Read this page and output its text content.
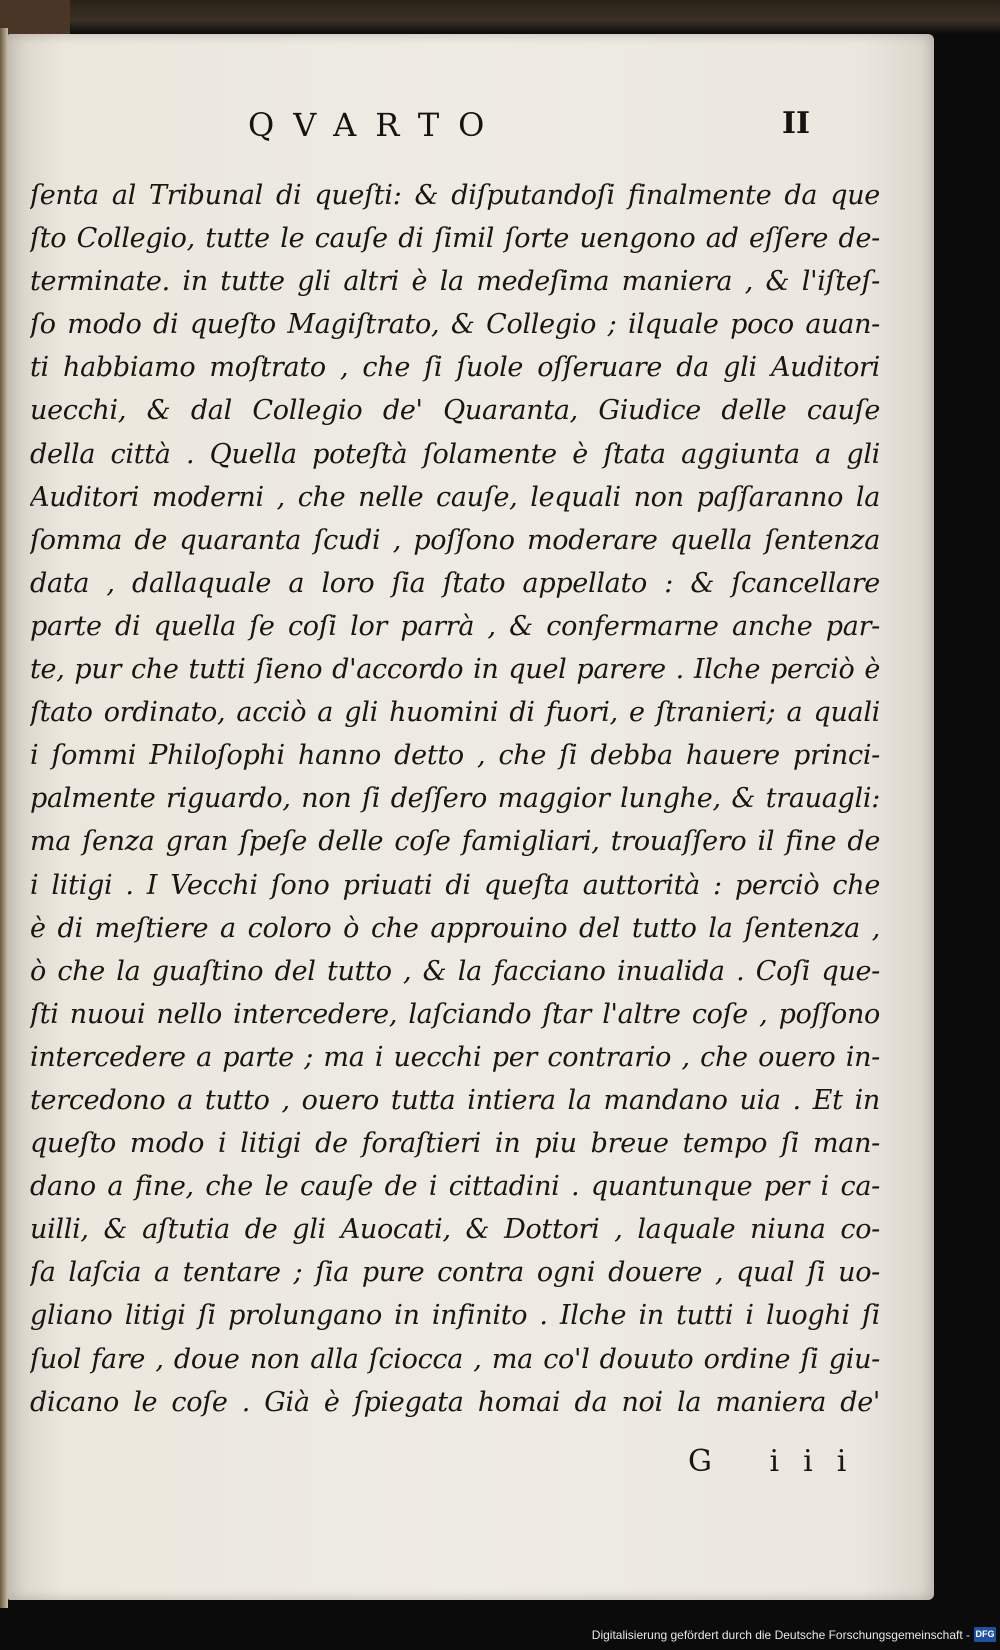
QVARTO	II
ſenta al Tribunal di queſti: & diſputandoſi finalmente da que
ſto Collegio, tutte le cauſe di ſimil ſorte uengono ad eſſere de-
terminate. in tutte gli altri è la medeſima maniera , & l'iſteſ-
ſo modo di queſto Magiſtrato, & Collegio ; ilquale poco auan-
ti habbiamo moſtrato , che ſi ſuole oſſeruare da gli Auditori
uecchi, & dal Collegio de' Quaranta, Giudice delle cauſe
della città . Quella poteſtà ſolamente è ſtata aggiunta a gli
Auditori moderni , che nelle cauſe, lequali non paſſaranno la
ſomma de quaranta ſcudi , poſſono moderare quella ſentenza
data , dallaquale a loro ſia ſtato appellato : & ſcancellare
parte di quella ſe coſi lor parrà , & confermarne anche par-
te, pur che tutti ſieno d'accordo in quel parere . Ilche perciò è
ſtato ordinato, acciò a gli huomini di fuori, e ſtranieri; a quali
i ſommi Philoſophi hanno detto , che ſi debba hauere princi-
palmente riguardo, non ſi deſſero maggior lunghe, & trauagli:
ma ſenza gran ſpeſe delle coſe famigliari, trouaſſero il fine de
i litigi . I Vecchi ſono priuati di queſta auttorità : perciò che
è di meſtiere a coloro ò che approuino del tutto la ſentenza ,
ò che la guaſtino del tutto , & la facciano inualida . Coſi que-
ſti nuoui nello intercedere, laſciando ſtar l'altre coſe , poſſono
intercedere a parte ; ma i uecchi per contrario , che ouero in-
tercedono a tutto , ouero tutta intiera la mandano uia . Et in
queſto modo i litigi de foraſtieri in piu breue tempo ſi man-
dano a fine, che le cauſe de i cittadini . quantunque per i ca-
uilli, & aſtutia de gli Auocati, & Dottori , laquale niuna co-
ſa laſcia a tentare ; ſia pure contra ogni douere , qual ſi uo-
gliano litigi ſi prolungano in infinito . Ilche in tutti i luoghi ſi
ſuol fare , doue non alla ſciocca , ma co'l douuto ordine ſi giu-
dicano le coſe . Già è ſpiegata homai da noi la maniera de'
G iii
Digitalisierung gefördert durch die Deutsche Forschungsgemeinschaft - DFG
